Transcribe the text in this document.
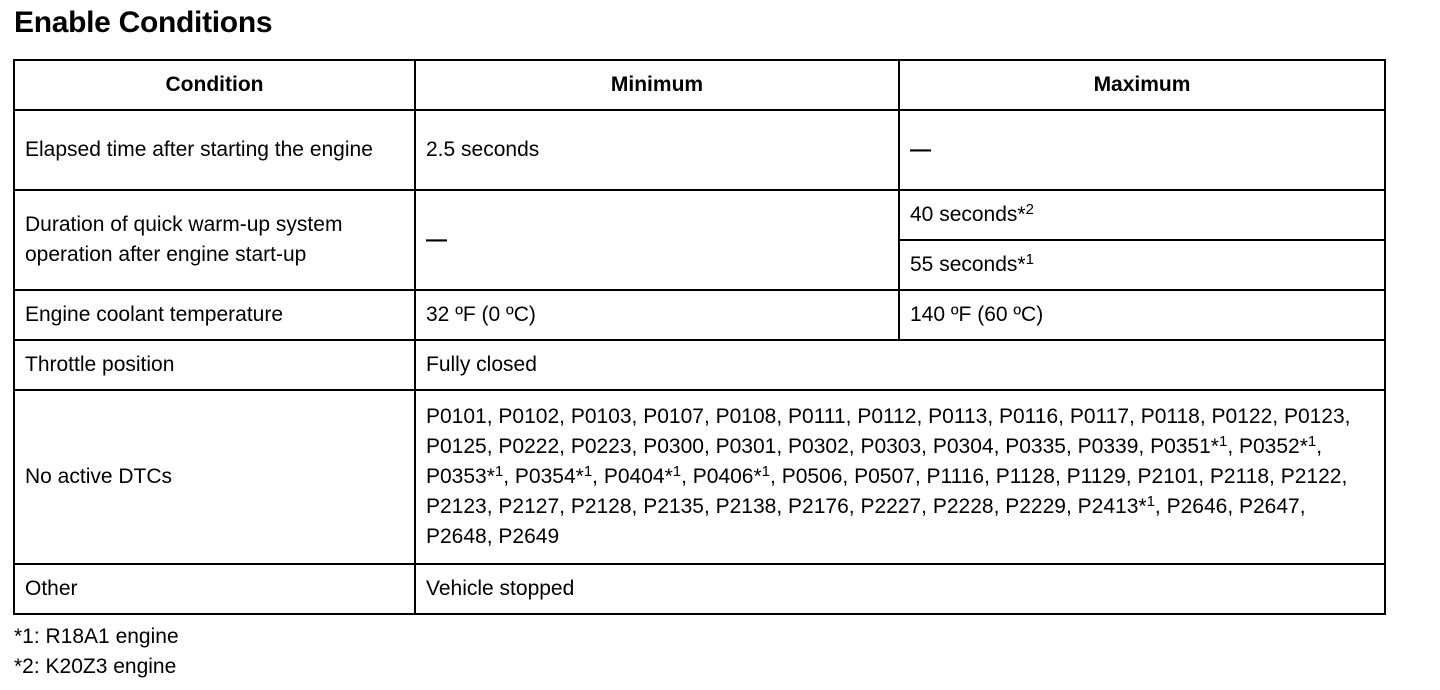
Enable Conditions
Condition	Minimum	Maximum
Elapsed time after starting the engine	2.5 seconds	—
Duration of quick warm-up system operation after engine start-up	—	40 seconds*$^2$
		55 seconds*$^1$
Engine coolant temperature	32 ºF (0 ºC)	140 ºF (60 ºC)
Throttle position	Fully closed	
No active DTCs	P0101, P0102, P0103, P0107, P0108, P0111, P0112, P0113, P0116, P0117, P0118, P0122, P0123, P0125, P0222, P0223, P0300, P0301, P0302, P0303, P0304, P0335, P0339, P0351*$^1$, P0352*$^1$, P0353*$^1$, P0354*$^1$, P0404*$^1$, P0406*$^1$, P0506, P0507, P1116, P1128, P1129, P2101, P2118, P2122, P2123, P2127, P2128, P2135, P2138, P2176, P2227, P2228, P2229, P2413*$^1$, P2646, P2647, P2648, P2649	
Other	Vehicle stopped	

*1: R18A1 engine

*2: K20Z3 engine
